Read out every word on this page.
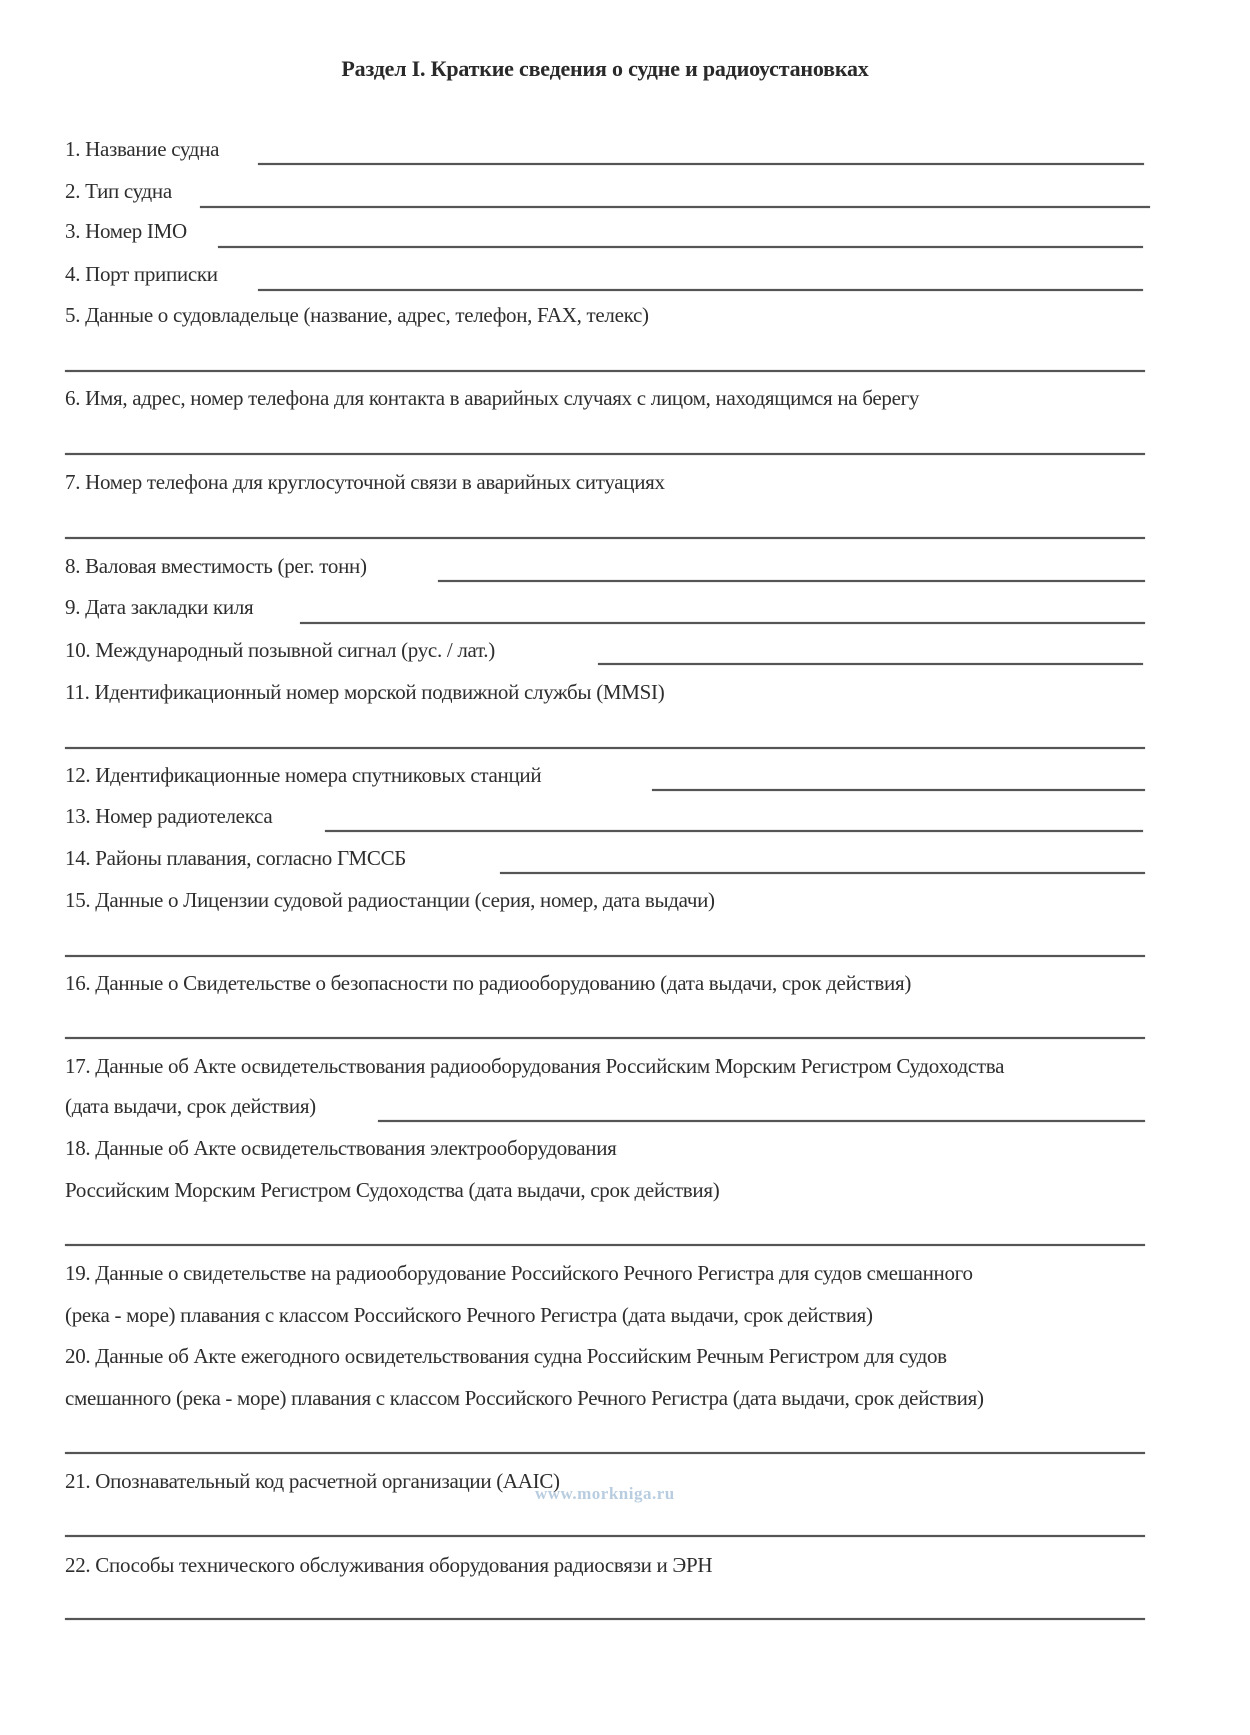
Раздел I. Краткие сведения о судне и радиоустановках
1. Название судна
2. Тип судна
3. Номер IMO
4. Порт приписки
5. Данные о судовладельце (название, адрес, телефон, FAX, телекс)
6. Имя, адрес, номер телефона для контакта в аварийных случаях с лицом, находящимся на берегу
7. Номер телефона для круглосуточной связи в аварийных ситуациях
8. Валовая вместимость (рег. тонн)
9. Дата закладки киля
10. Международный позывной сигнал (рус. / лат.)
11. Идентификационный номер морской подвижной службы (MMSI)
12. Идентификационные номера спутниковых станций
13. Номер радиотелекса
14. Районы плавания, согласно ГМССБ
15. Данные о Лицензии судовой радиостанции (серия, номер, дата выдачи)
16. Данные о Свидетельстве о безопасности по радиооборудованию (дата выдачи, срок действия)
17. Данные об Акте освидетельствования радиооборудования Российским Морским Регистром Судоходства
(дата выдачи, срок действия)
18. Данные об Акте освидетельствования электрооборудования
Российским Морским Регистром Судоходства (дата выдачи, срок действия)
19. Данные о свидетельстве на радиооборудование Российского Речного Регистра для судов смешанного
(река - море) плавания с классом Российского Речного Регистра (дата выдачи, срок действия)
20. Данные об Акте ежегодного освидетельствования судна Российским Речным Регистром для судов
смешанного (река - море) плавания с классом Российского Речного Регистра (дата выдачи, срок действия)
21. Опознавательный код расчетной организации (AAIC)
www.morkniga.ru
22. Способы технического обслуживания оборудования радиосвязи и ЭРН
